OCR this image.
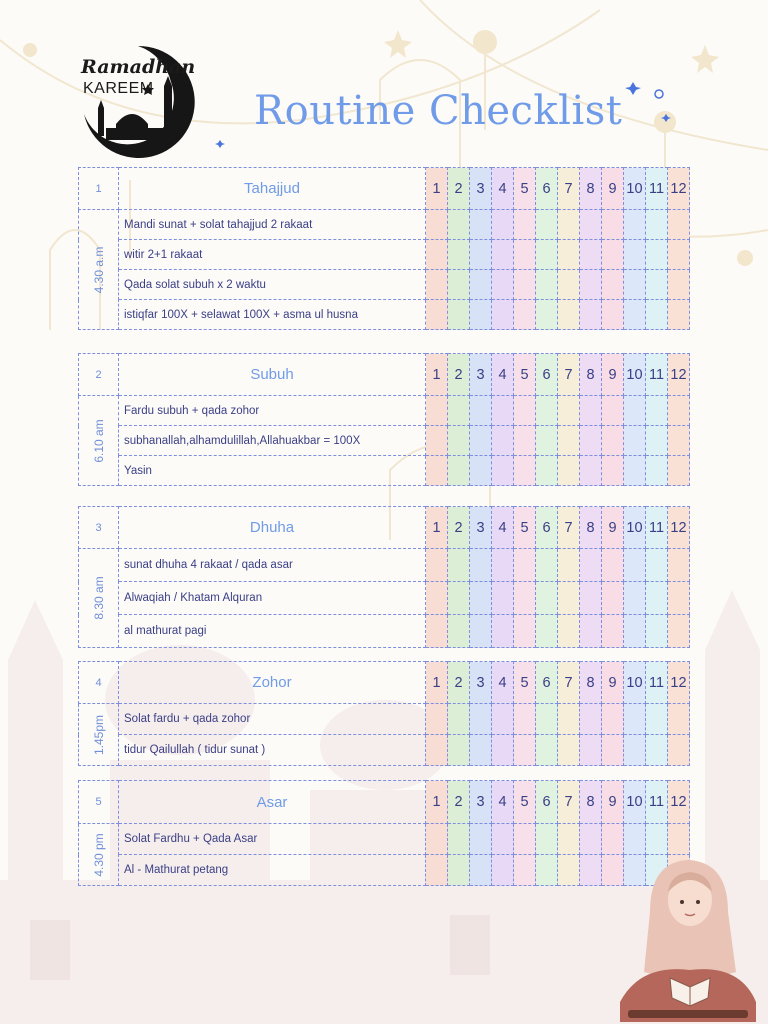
Ramadhan
KAREEM	Routine Checklist
1	Tahajjud	1	2	3	4	5	6	7	8	9	10	11	12

4.30 a.m	Mandi sunat + solat tahajjud 2 rakaat												
	witir 2+1 rakaat												
	Qada solat subuh x 2 waktu												
	istiqfar 100X + selawat 100X + asma ul husna												
2	Subuh	1	2	3	4	5	6	7	8	9	10	11	12

6.10 am	Fardu subuh + qada zohor												
	subhanallah,alhamdulillah,Allahuakbar = 100X												
	Yasin												
3	Dhuha	1	2	3	4	5	6	7	8	9	10	11	12

8.30 am	sunat dhuha 4 rakaat / qada asar												
	Alwaqiah / Khatam Alquran												
	al mathurat pagi												
4	Zohor	1	2	3	4	5	6	7	8	9	10	11	12

1.45pm	Solat fardu + qada zohor												
	tidur Qailullah ( tidur sunat )												
5	Asar	1	2	3	4	5	6	7	8	9	10	11	12

4.30 pm	Solat Fardhu + Qada Asar												
	Al - Mathurat petang												
